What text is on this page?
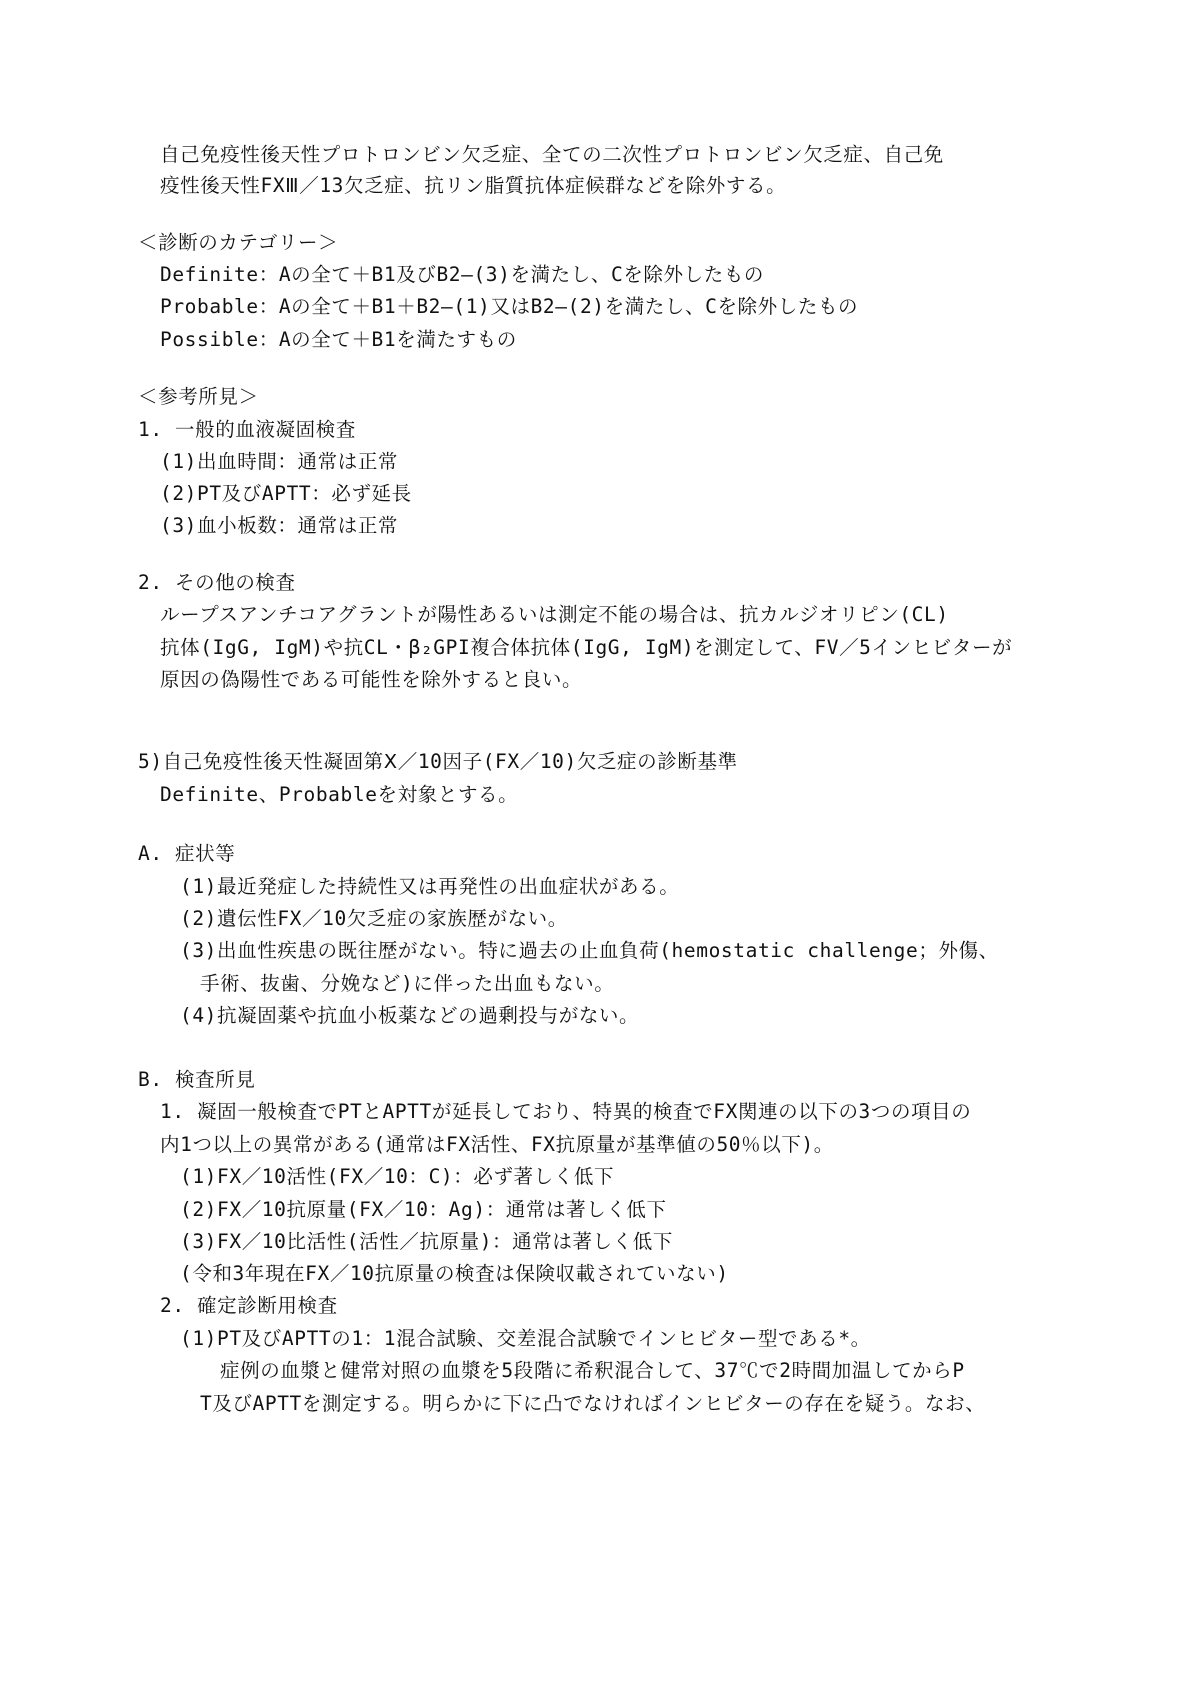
自己免疫性後天性プロトロンビン欠乏症、全ての二次性プロトロンビン欠乏症、自己免
疫性後天性FXⅢ／13欠乏症、抗リン脂質抗体症候群などを除外する。
＜診断のカテゴリー＞
Definite：Aの全て＋B1及びB2―(3)を満たし、Cを除外したもの
Probable：Aの全て＋B1＋B2―(1)又はB2―(2)を満たし、Cを除外したもの
Possible：Aの全て＋B1を満たすもの
＜参考所見＞
1. 一般的血液凝固検査
(1)出血時間：通常は正常
(2)PT及びAPTT：必ず延長
(3)血小板数：通常は正常
2. その他の検査
ループスアンチコアグラントが陽性あるいは測定不能の場合は、抗カルジオリピン(CL)
抗体(IgG, IgM)や抗CL・β₂GPI複合体抗体(IgG, IgM)を測定して、FV／5インヒビターが
原因の偽陽性である可能性を除外すると良い。
5)自己免疫性後天性凝固第Ⅹ／10因子(FX／10)欠乏症の診断基準
Definite、Probableを対象とする。
A. 症状等
(1)最近発症した持続性又は再発性の出血症状がある。
(2)遺伝性FX／10欠乏症の家族歴がない。
(3)出血性疾患の既往歴がない。特に過去の止血負荷(hemostatic challenge；外傷、
手術、抜歯、分娩など)に伴った出血もない。
(4)抗凝固薬や抗血小板薬などの過剰投与がない。
B. 検査所見
1. 凝固一般検査でPTとAPTTが延長しており、特異的検査でFX関連の以下の3つの項目の
内1つ以上の異常がある(通常はFX活性、FX抗原量が基準値の50％以下)。
(1)FX／10活性(FX／10：C)：必ず著しく低下
(2)FX／10抗原量(FX／10：Ag)：通常は著しく低下
(3)FX／10比活性(活性／抗原量)：通常は著しく低下
(令和3年現在FX／10抗原量の検査は保険収載されていない)
2. 確定診断用検査
(1)PT及びAPTTの1：1混合試験、交差混合試験でインヒビター型である*。
症例の血漿と健常対照の血漿を5段階に希釈混合して、37℃で2時間加温してからP
T及びAPTTを測定する。明らかに下に凸でなければインヒビターの存在を疑う。なお、
